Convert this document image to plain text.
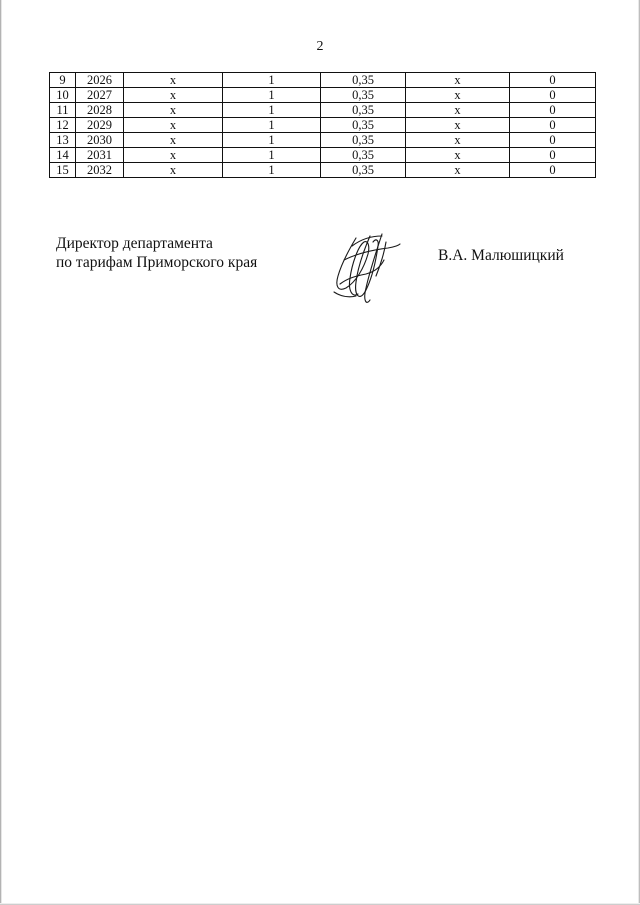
2
9	2026	х	1	0,35	х	0
10	2027	х	1	0,35	х	0
11	2028	х	1	0,35	х	0
12	2029	х	1	0,35	х	0
13	2030	х	1	0,35	х	0
14	2031	х	1	0,35	х	0
15	2032	х	1	0,35	х	0
Директор департамента
по тарифам Приморского края	В.А. Малюшицкий
